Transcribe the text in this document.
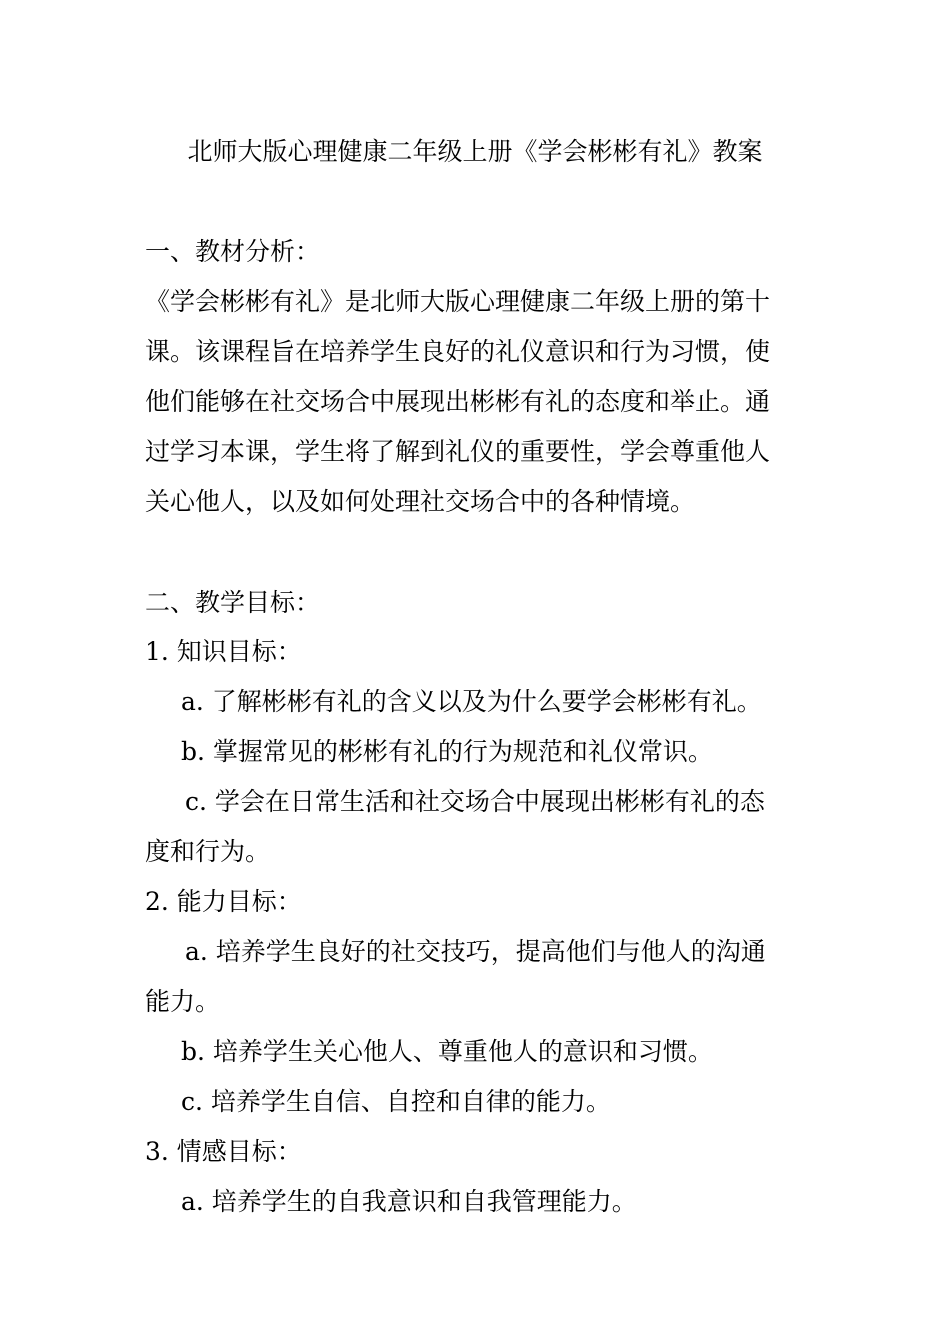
北师大版心理健康二年级上册《学会彬彬有礼》教案
一、教材分析：
《学会彬彬有礼》是北师大版心理健康二年级上册的第十
课。该课程旨在培养学生良好的礼仪意识和行为习惯，使
他们能够在社交场合中展现出彬彬有礼的态度和举止。通
过学习本课，学生将了解到礼仪的重要性，学会尊重他人
关心他人，以及如何处理社交场合中的各种情境。
二、教学目标：
1. 知识目标：
a. 了解彬彬有礼的含义以及为什么要学会彬彬有礼。
b. 掌握常见的彬彬有礼的行为规范和礼仪常识。
c. 学会在日常生活和社交场合中展现出彬彬有礼的态
度和行为。
2. 能力目标：
a. 培养学生良好的社交技巧，提高他们与他人的沟通
能力。
b. 培养学生关心他人、尊重他人的意识和习惯。
c. 培养学生自信、自控和自律的能力。
3. 情感目标：
a. 培养学生的自我意识和自我管理能力。
